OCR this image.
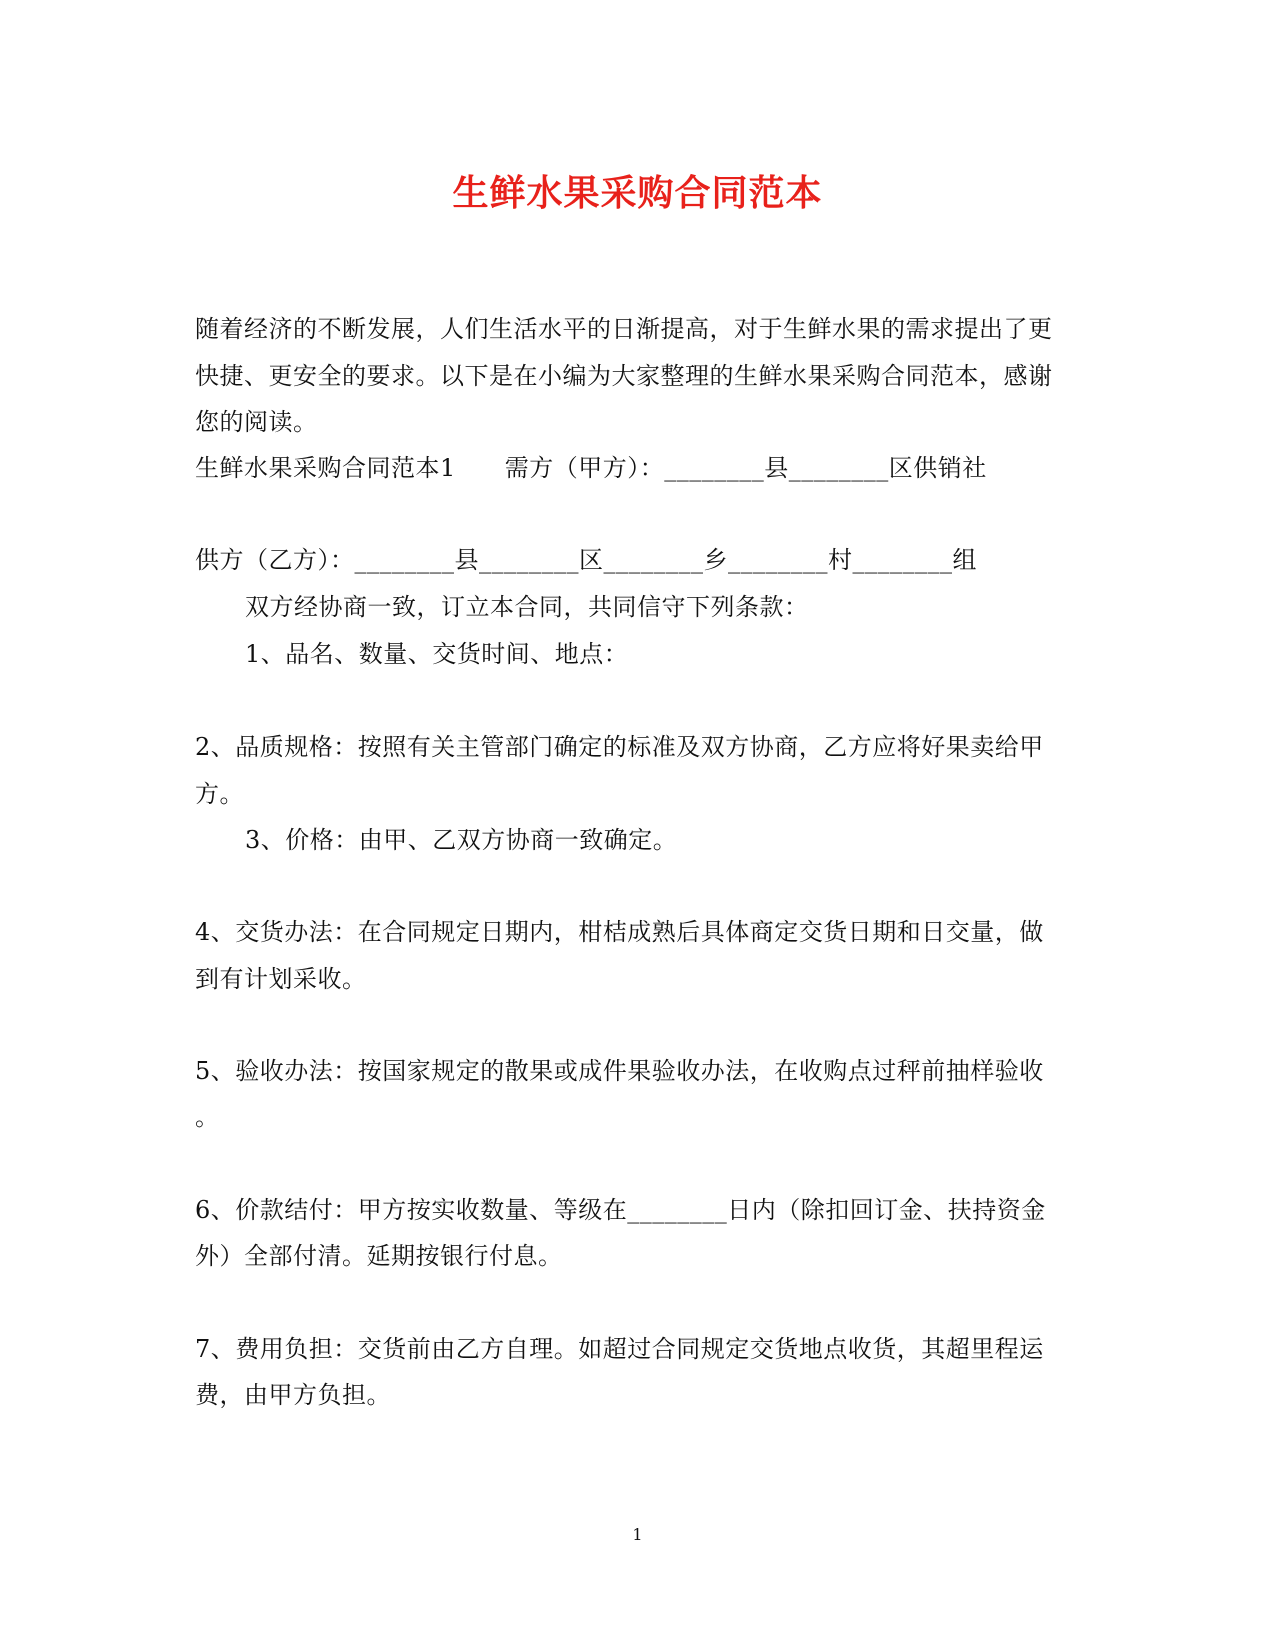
生鲜水果采购合同范本
随着经济的不断发展，人们生活水平的日渐提高，对于生鲜水果的需求提出了更
快捷、更安全的要求。以下是在小编为大家整理的生鲜水果采购合同范本，感谢
您的阅读。
生鲜水果采购合同范本1　　需方（甲方）：________县________区供销社
供方（乙方）：________县________区________乡________村________组
双方经协商一致，订立本合同，共同信守下列条款：
1、品名、数量、交货时间、地点：
2、品质规格：按照有关主管部门确定的标准及双方协商，乙方应将好果卖给甲
方。
3、价格：由甲、乙双方协商一致确定。
4、交货办法：在合同规定日期内，柑桔成熟后具体商定交货日期和日交量，做
到有计划采收。
5、验收办法：按国家规定的散果或成件果验收办法，在收购点过秤前抽样验收
。
6、价款结付：甲方按实收数量、等级在________日内（除扣回订金、扶持资金
外）全部付清。延期按银行付息。
7、费用负担：交货前由乙方自理。如超过合同规定交货地点收货，其超里程运
费，由甲方负担。
1
